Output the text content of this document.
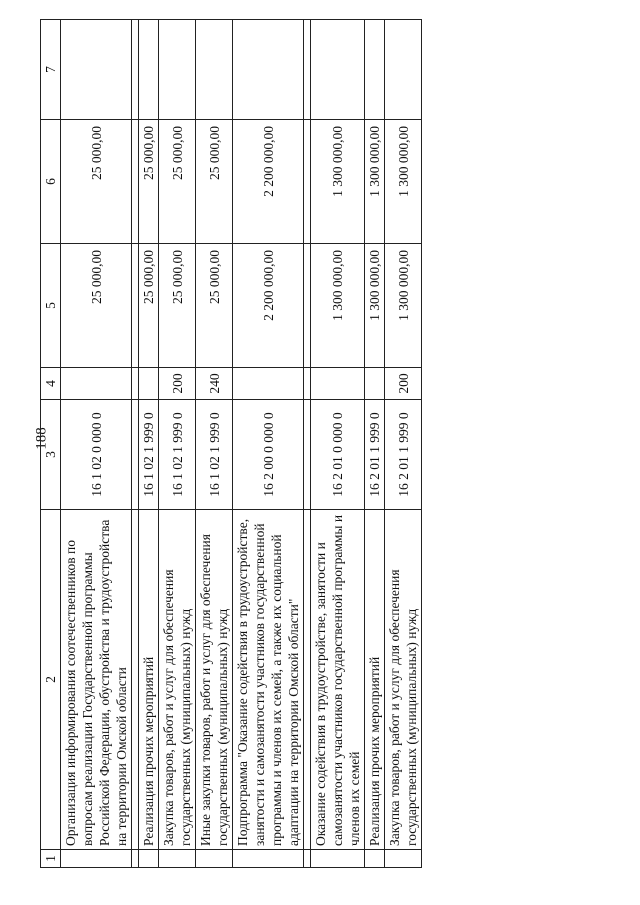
188
1	2	3	4	5	6	7
	Организация информирования соотечественников по вопросам реализации Государственной программы Российской Федерации, обустройства и трудоустройства на территории Омской области	16 1 02 0 000 0		25 000,00	25 000,00	

	Реализация прочих мероприятий	16 1 02 1 999 0		25 000,00	25 000,00	
	Закупка товаров, работ и услуг для обеспечения государственных (муниципальных) нужд	16 1 02 1 999 0	200	25 000,00	25 000,00	
	Иные закупки товаров, работ и услуг для обеспечения государственных (муниципальных) нужд	16 1 02 1 999 0	240	25 000,00	25 000,00	
	Подпрограмма "Оказание содействия в трудоустройстве, занятости и самозанятости участников государственной программы и членов их семей, а также их социальной адаптации на территории Омской области"	16 2 00 0 000 0		2 200 000,00	2 200 000,00	

	Оказание содействия в трудоустройстве, занятости и самозанятости участников государственной программы и членов их семей	16 2 01 0 000 0		1 300 000,00	1 300 000,00	
	Реализация прочих мероприятий	16 2 01 1 999 0		1 300 000,00	1 300 000,00	
	Закупка товаров, работ и услуг для обеспечения государственных (муниципальных) нужд	16 2 01 1 999 0	200	1 300 000,00	1 300 000,00	
